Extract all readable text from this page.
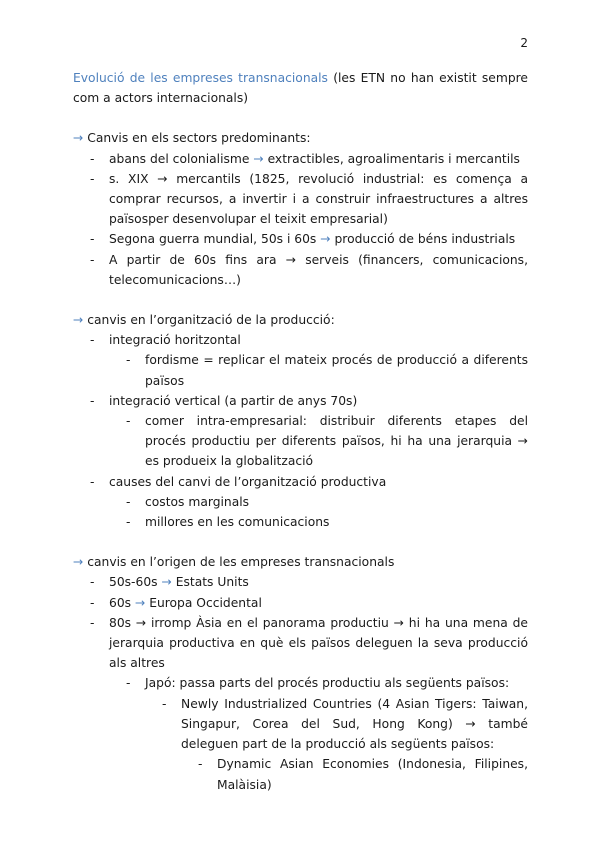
2
Evolució de les empreses transnacionals (les ETN no han existit sempre com a actors internacionals)
→ Canvis en els sectors predominants:
- abans del colonialisme → extractibles, agroalimentaris i mercantils
- s. XIX → mercantils (1825, revolució industrial: es comença a comprar recursos, a invertir i a construir infraestructures a altres païsosper desenvolupar el teixit empresarial)
- Segona guerra mundial, 50s i 60s → producció de béns industrials
- A partir de 60s fins ara → serveis (financers, comunicacions, telecomunicacions…)
→ canvis en l’organització de la producció:
- integració horitzontal
- fordisme = replicar el mateix procés de producció a diferents països
- integració vertical (a partir de anys 70s)
- comer intra-empresarial: distribuir diferents etapes del procés productiu per diferents països, hi ha una jerarquia → es produeix la globalització
- causes del canvi de l’organització productiva
- costos marginals
- millores en les comunicacions
→ canvis en l’origen de les empreses transnacionals
- 50s-60s → Estats Units
- 60s → Europa Occidental
- 80s → irromp Àsia en el panorama productiu → hi ha una mena de jerarquia productiva en què els països deleguen la seva producció als altres
- Japó: passa parts del procés productiu als següents països:
- Newly Industrialized Countries (4 Asian Tigers: Taiwan, Singapur, Corea del Sud, Hong Kong) → també deleguen part de la producció als següents països:
- Dynamic Asian Economies (Indonesia, Filipines, Malàisia)
